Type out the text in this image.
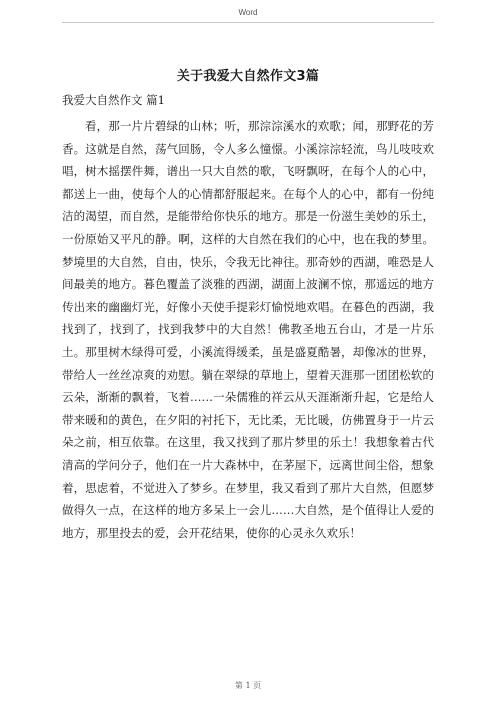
Word
关于我爱大自然作文3篇
我爱大自然作文 篇1

看，那一片片碧绿的山林；听，那淙淙溪水的欢歌；闻，那野花的芳香。这就是自然，荡气回肠，令人多么憧憬。小溪淙淙轻流，鸟儿吱吱欢唱，树木摇摆件舞，谱出一只大自然的歌，飞呀飘呀，在每个人的心中，都送上一曲，使每个人的心情都舒服起来。在每个人的心中，都有一份纯洁的渴望，而自然，是能带给你快乐的地方。那是一份滋生美妙的乐土，一份原始又平凡的静。啊，这样的大自然在我们的心中，也在我的梦里。梦境里的大自然，自由，快乐，令我无比神往。那奇妙的西湖，唯恐是人间最美的地方。暮色覆盖了淡雅的西湖，湖面上波澜不惊，那遥远的地方传出来的幽幽灯光，好像小天使手提彩灯愉悦地欢唱。在暮色的西湖，我找到了，找到了，找到我梦中的大自然！佛教圣地五台山，才是一片乐土。那里树木绿得可爱，小溪流得缓柔，虽是盛夏酷暑，却像冰的世界，带给人一丝丝凉爽的劝慰。躺在翠绿的草地上，望着天涯那一团团松软的云朵，渐渐的飘着，飞着……一朵儒雅的祥云从天涯渐渐升起，它是给人带来暖和的黄色，在夕阳的衬托下，无比柔，无比暖，仿佛置身于一片云朵之前，相互依靠。在这里，我又找到了那片梦里的乐土！我想象着古代清高的学问分子，他们在一片大森林中，在茅屋下，远离世间尘俗，想象着，思虑着，不觉进入了梦乡。在梦里，我又看到了那片大自然，但愿梦做得久一点，在这样的地方多呆上一会儿……大自然，是个值得让人爱的地方，那里投去的爱，会开花结果，使你的心灵永久欢乐！

第 1 页
